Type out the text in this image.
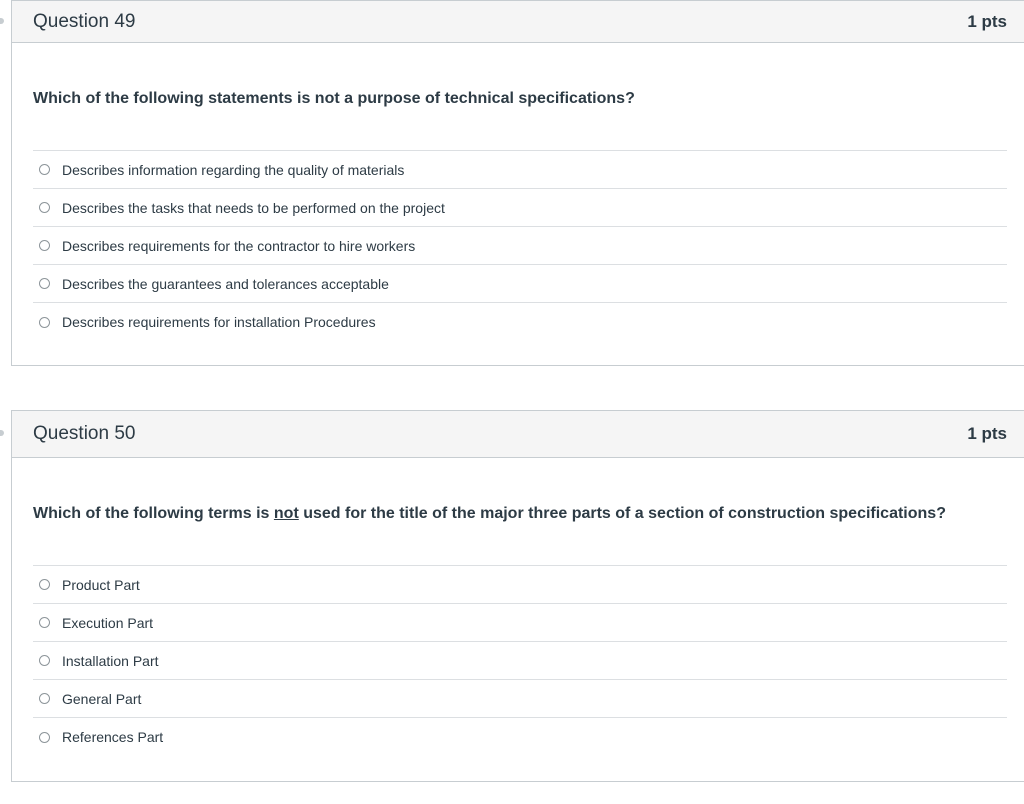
Question 49	1 pts
Which of the following statements is not a purpose of technical specifications?
Describes information regarding the quality of materials
Describes the tasks that needs to be performed on the project
Describes requirements for the contractor to hire workers
Describes the guarantees and tolerances acceptable
Describes requirements for installation Procedures
Question 50	1 pts
Which of the following terms is not used for the title of the major three parts of a section of construction specifications?
Product Part
Execution Part
Installation Part
General Part
References Part
